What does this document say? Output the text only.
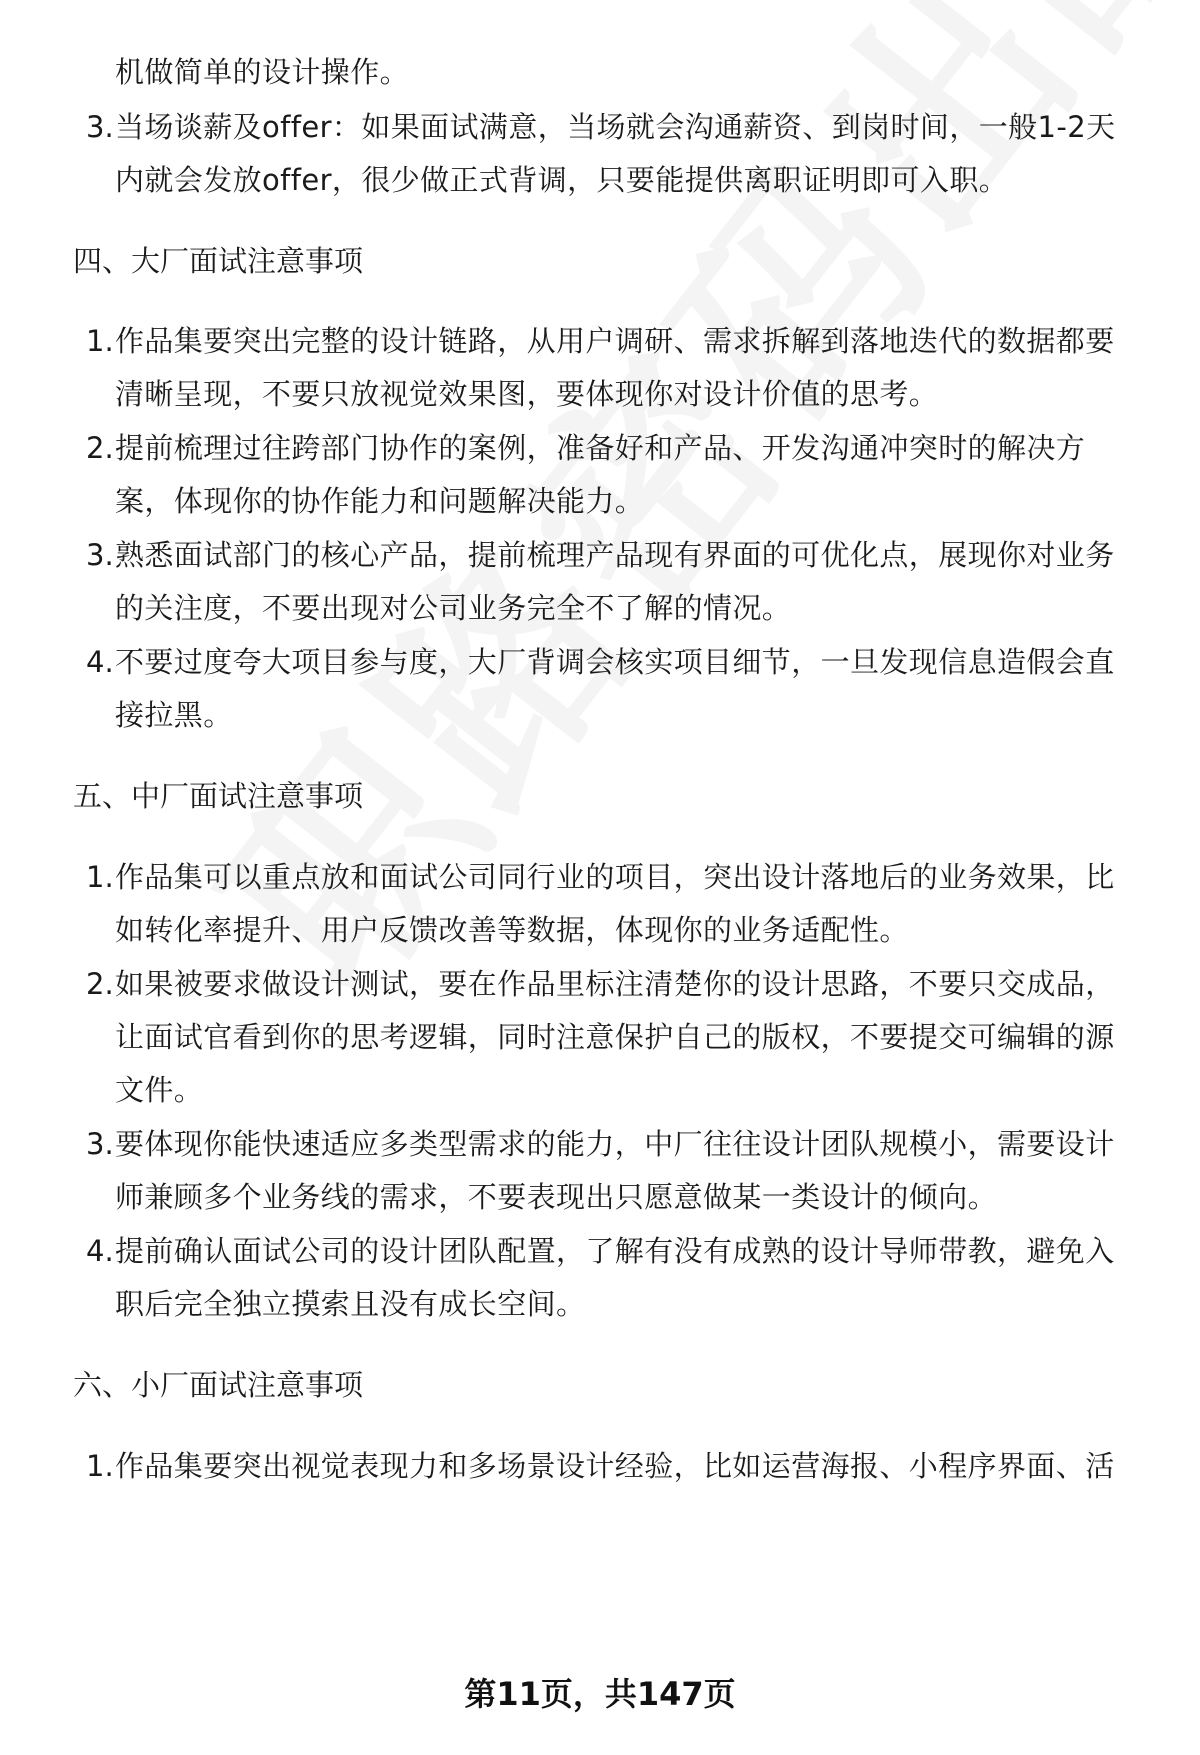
机做简单的设计操作。
3. 当场谈薪及offer：如果面试满意，当场就会沟通薪资、到岗时间，一般1-2天
内就会发放offer，很少做正式背调，只要能提供离职证明即可入职。
四、大厂面试注意事项
1. 作品集要突出完整的设计链路，从用户调研、需求拆解到落地迭代的数据都要
清晰呈现，不要只放视觉效果图，要体现你对设计价值的思考。
2. 提前梳理过往跨部门协作的案例，准备好和产品、开发沟通冲突时的解决方
案，体现你的协作能力和问题解决能力。
3. 熟悉面试部门的核心产品，提前梳理产品现有界面的可优化点，展现你对业务
的关注度，不要出现对公司业务完全不了解的情况。
4. 不要过度夸大项目参与度，大厂背调会核实项目细节，一旦发现信息造假会直
接拉黑。
五、中厂面试注意事项
1. 作品集可以重点放和面试公司同行业的项目，突出设计落地后的业务效果，比
如转化率提升、用户反馈改善等数据，体现你的业务适配性。
2. 如果被要求做设计测试，要在作品里标注清楚你的设计思路，不要只交成品，
让面试官看到你的思考逻辑，同时注意保护自己的版权，不要提交可编辑的源
文件。
3. 要体现你能快速适应多类型需求的能力，中厂往往设计团队规模小，需要设计
师兼顾多个业务线的需求，不要表现出只愿意做某一类设计的倾向。
4. 提前确认面试公司的设计团队配置，了解有没有成熟的设计导师带教，避免入
职后完全独立摸索且没有成长空间。
六、小厂面试注意事项
1. 作品集要突出视觉表现力和多场景设计经验，比如运营海报、小程序界面、活
第11页，共147页
